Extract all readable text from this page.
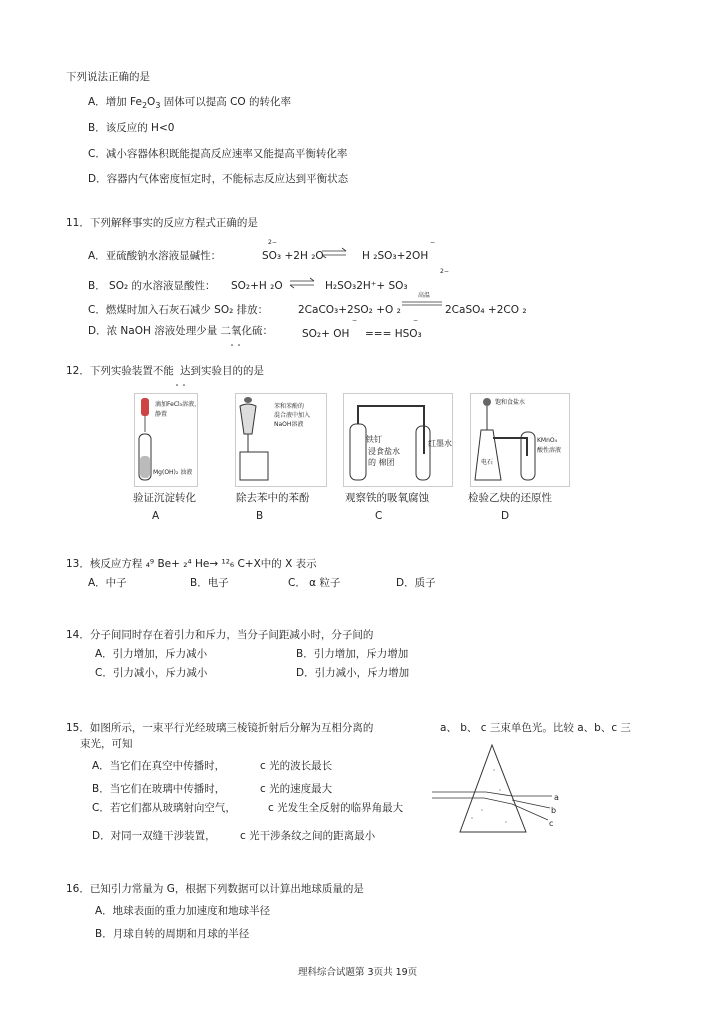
下列说法正确的是
A．增加 $Fe_2O_3$ 固体可以提高 CO 的转化率
B．该反应的 H<0
C．减小容器体积既能提高反应速率又能提高平衡转化率
D．容器内气体密度恒定时，不能标志反应达到平衡状态
11．下列解释事实的反应方程式正确的是
A．亚硫酸钠水溶液显碱性：
2−
SO₃ +2H ₂O ⇌ H ₂SO₃+2OH
−
B． SO₂ 的水溶液显酸性： SO₂+H ₂O ⇌ H₂SO₃2H⁺+ SO₃
2−
C．燃煤时加入石灰石减少 SO₂ 排放：	2CaCO₃+2SO₂ +O ₂
高温
2CaSO₄ +2CO ₂
D．浓 NaOH 溶液处理少量 二氧化硫：	SO₂+ OH
−
=== HSO₃
−
12．下列实验装置不能 达到实验目的的是
滴加FeCl₃溶液，
静置
Mg(OH)₂ 浊液
苯和苯酚的
混合液中加入
NaOH溶液
铁钉
浸食盐水
的 棉团
红墨水
饱和食盐水
电石
KMnO₄
酸性溶液
验证沉淀转化	除去苯中的苯酚	观察铁的吸氧腐蚀	检验乙炔的还原性
A	B	C	D
13．核反应方程 ₄⁹ Be+ ₂⁴ He→ ¹²₆ C+X中的 X 表示
A．中子	B．电子	C． α 粒子	D．质子
14．分子间同时存在着引力和斥力，当分子间距减小时，分子间的
A．引力增加，斥力减小	B．引力增加，斥力增加
C．引力减小，斥力减小	D．引力减小，斥力增加
15．如图所示，一束平行光经玻璃三棱镜折射后分解为互相分离的	a、 b、 c 三束单色光。比较 a、b、c 三
束光，可知
A．当它们在真空中传播时，	c 光的波长最长
B．当它们在玻璃中传播时，	c 光的速度最大
C．若它们都从玻璃射向空气，	c 光发生全反射的临界角最大
D．对同一双缝干涉装置， c 光干涉条纹之间的距离最小
a
b
c
16．已知引力常量为 G，根据下列数据可以计算出地球质量的是
A．地球表面的重力加速度和地球半径
B．月球自转的周期和月球的半径
理科综合试题第 3页共 19页
